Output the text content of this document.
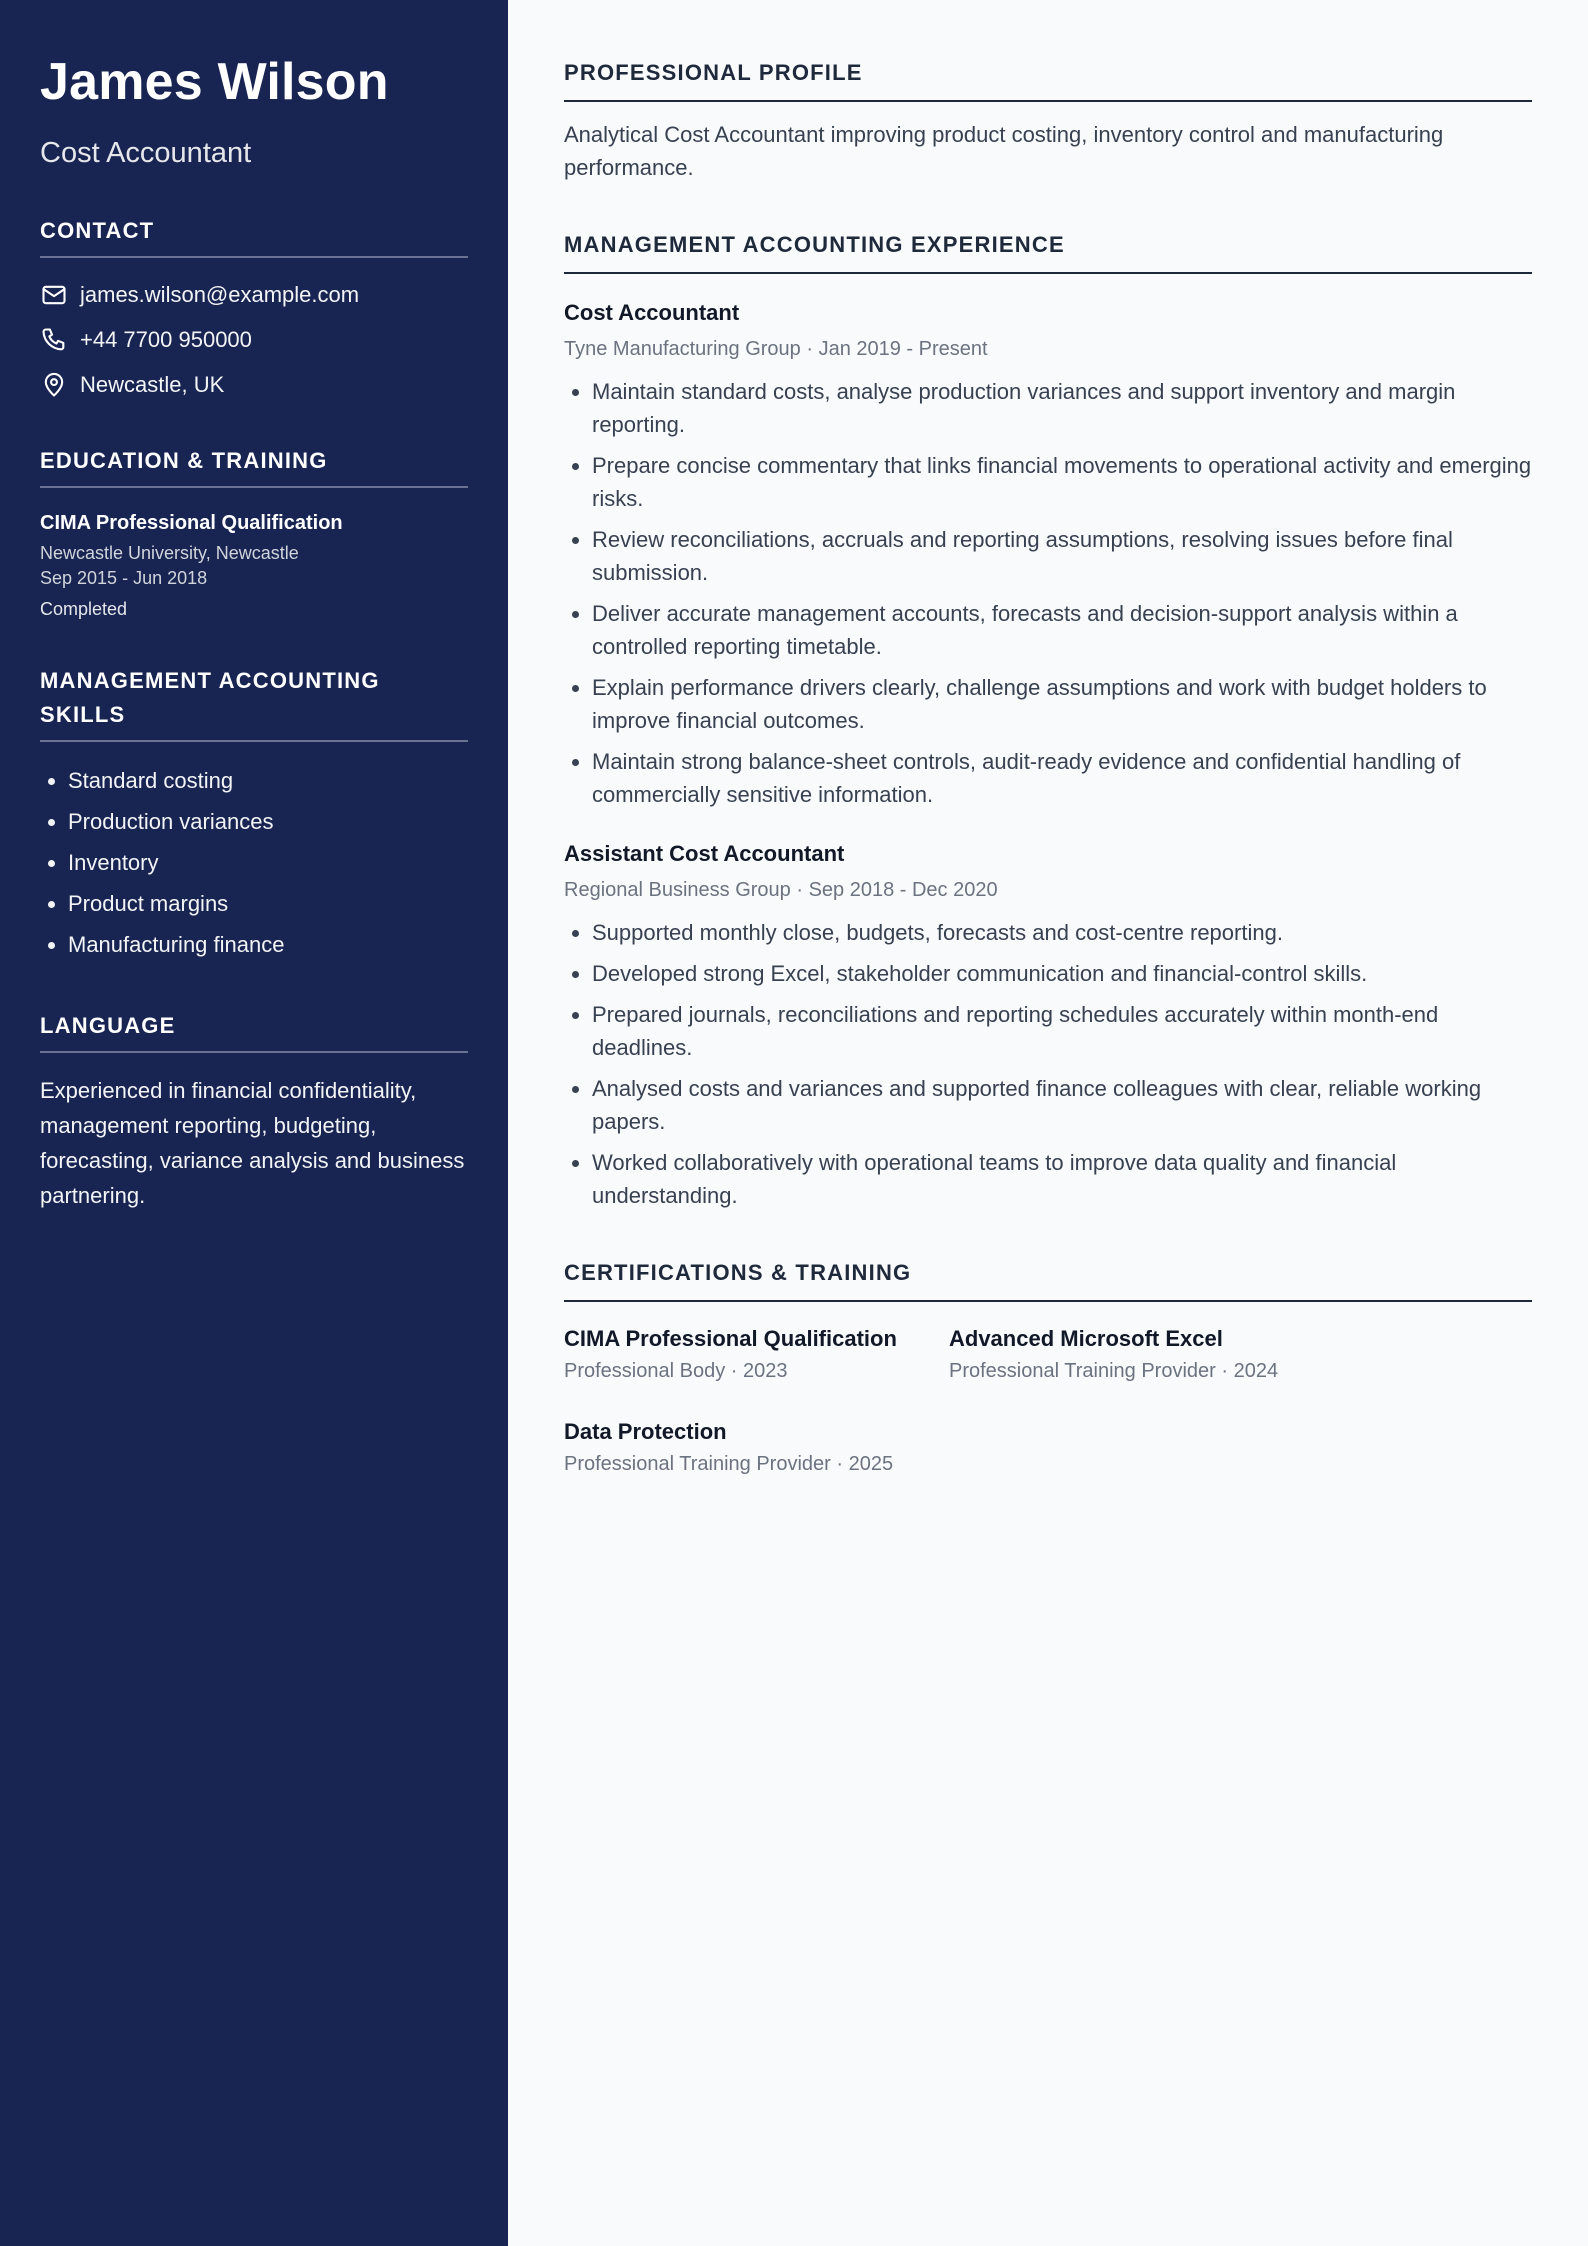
James Wilson
Cost Accountant
CONTACT
james.wilson@example.com
+44 7700 950000
Newcastle, UK
EDUCATION & TRAINING
CIMA Professional Qualification
Newcastle University, Newcastle
Sep 2015 - Jun 2018
Completed
MANAGEMENT ACCOUNTING SKILLS
• Standard costing
• Production variances
• Inventory
• Product margins
• Manufacturing finance
LANGUAGE

Experienced in financial confidentiality, management reporting, budgeting, forecasting, variance analysis and business partnering.

PROFESSIONAL PROFILE

Analytical Cost Accountant improving product costing, inventory control and manufacturing performance.

MANAGEMENT ACCOUNTING EXPERIENCE
Cost Accountant
Tyne Manufacturing Group · Jan 2019 - Present
• Maintain standard costs, analyse production variances and support inventory and margin reporting.
• Prepare concise commentary that links financial movements to operational activity and emerging risks.
• Review reconciliations, accruals and reporting assumptions, resolving issues before final submission.
• Deliver accurate management accounts, forecasts and decision-support analysis within a controlled reporting timetable.
• Explain performance drivers clearly, challenge assumptions and work with budget holders to improve financial outcomes.
• Maintain strong balance-sheet controls, audit-ready evidence and confidential handling of commercially sensitive information.
Assistant Cost Accountant
Regional Business Group · Sep 2018 - Dec 2020
• Supported monthly close, budgets, forecasts and cost-centre reporting.
• Developed strong Excel, stakeholder communication and financial-control skills.
• Prepared journals, reconciliations and reporting schedules accurately within month-end deadlines.
• Analysed costs and variances and supported finance colleagues with clear, reliable working papers.
• Worked collaboratively with operational teams to improve data quality and financial understanding.
CERTIFICATIONS & TRAINING
CIMA Professional Qualification
Professional Body · 2023
Advanced Microsoft Excel
Professional Training Provider · 2024
Data Protection
Professional Training Provider · 2025
